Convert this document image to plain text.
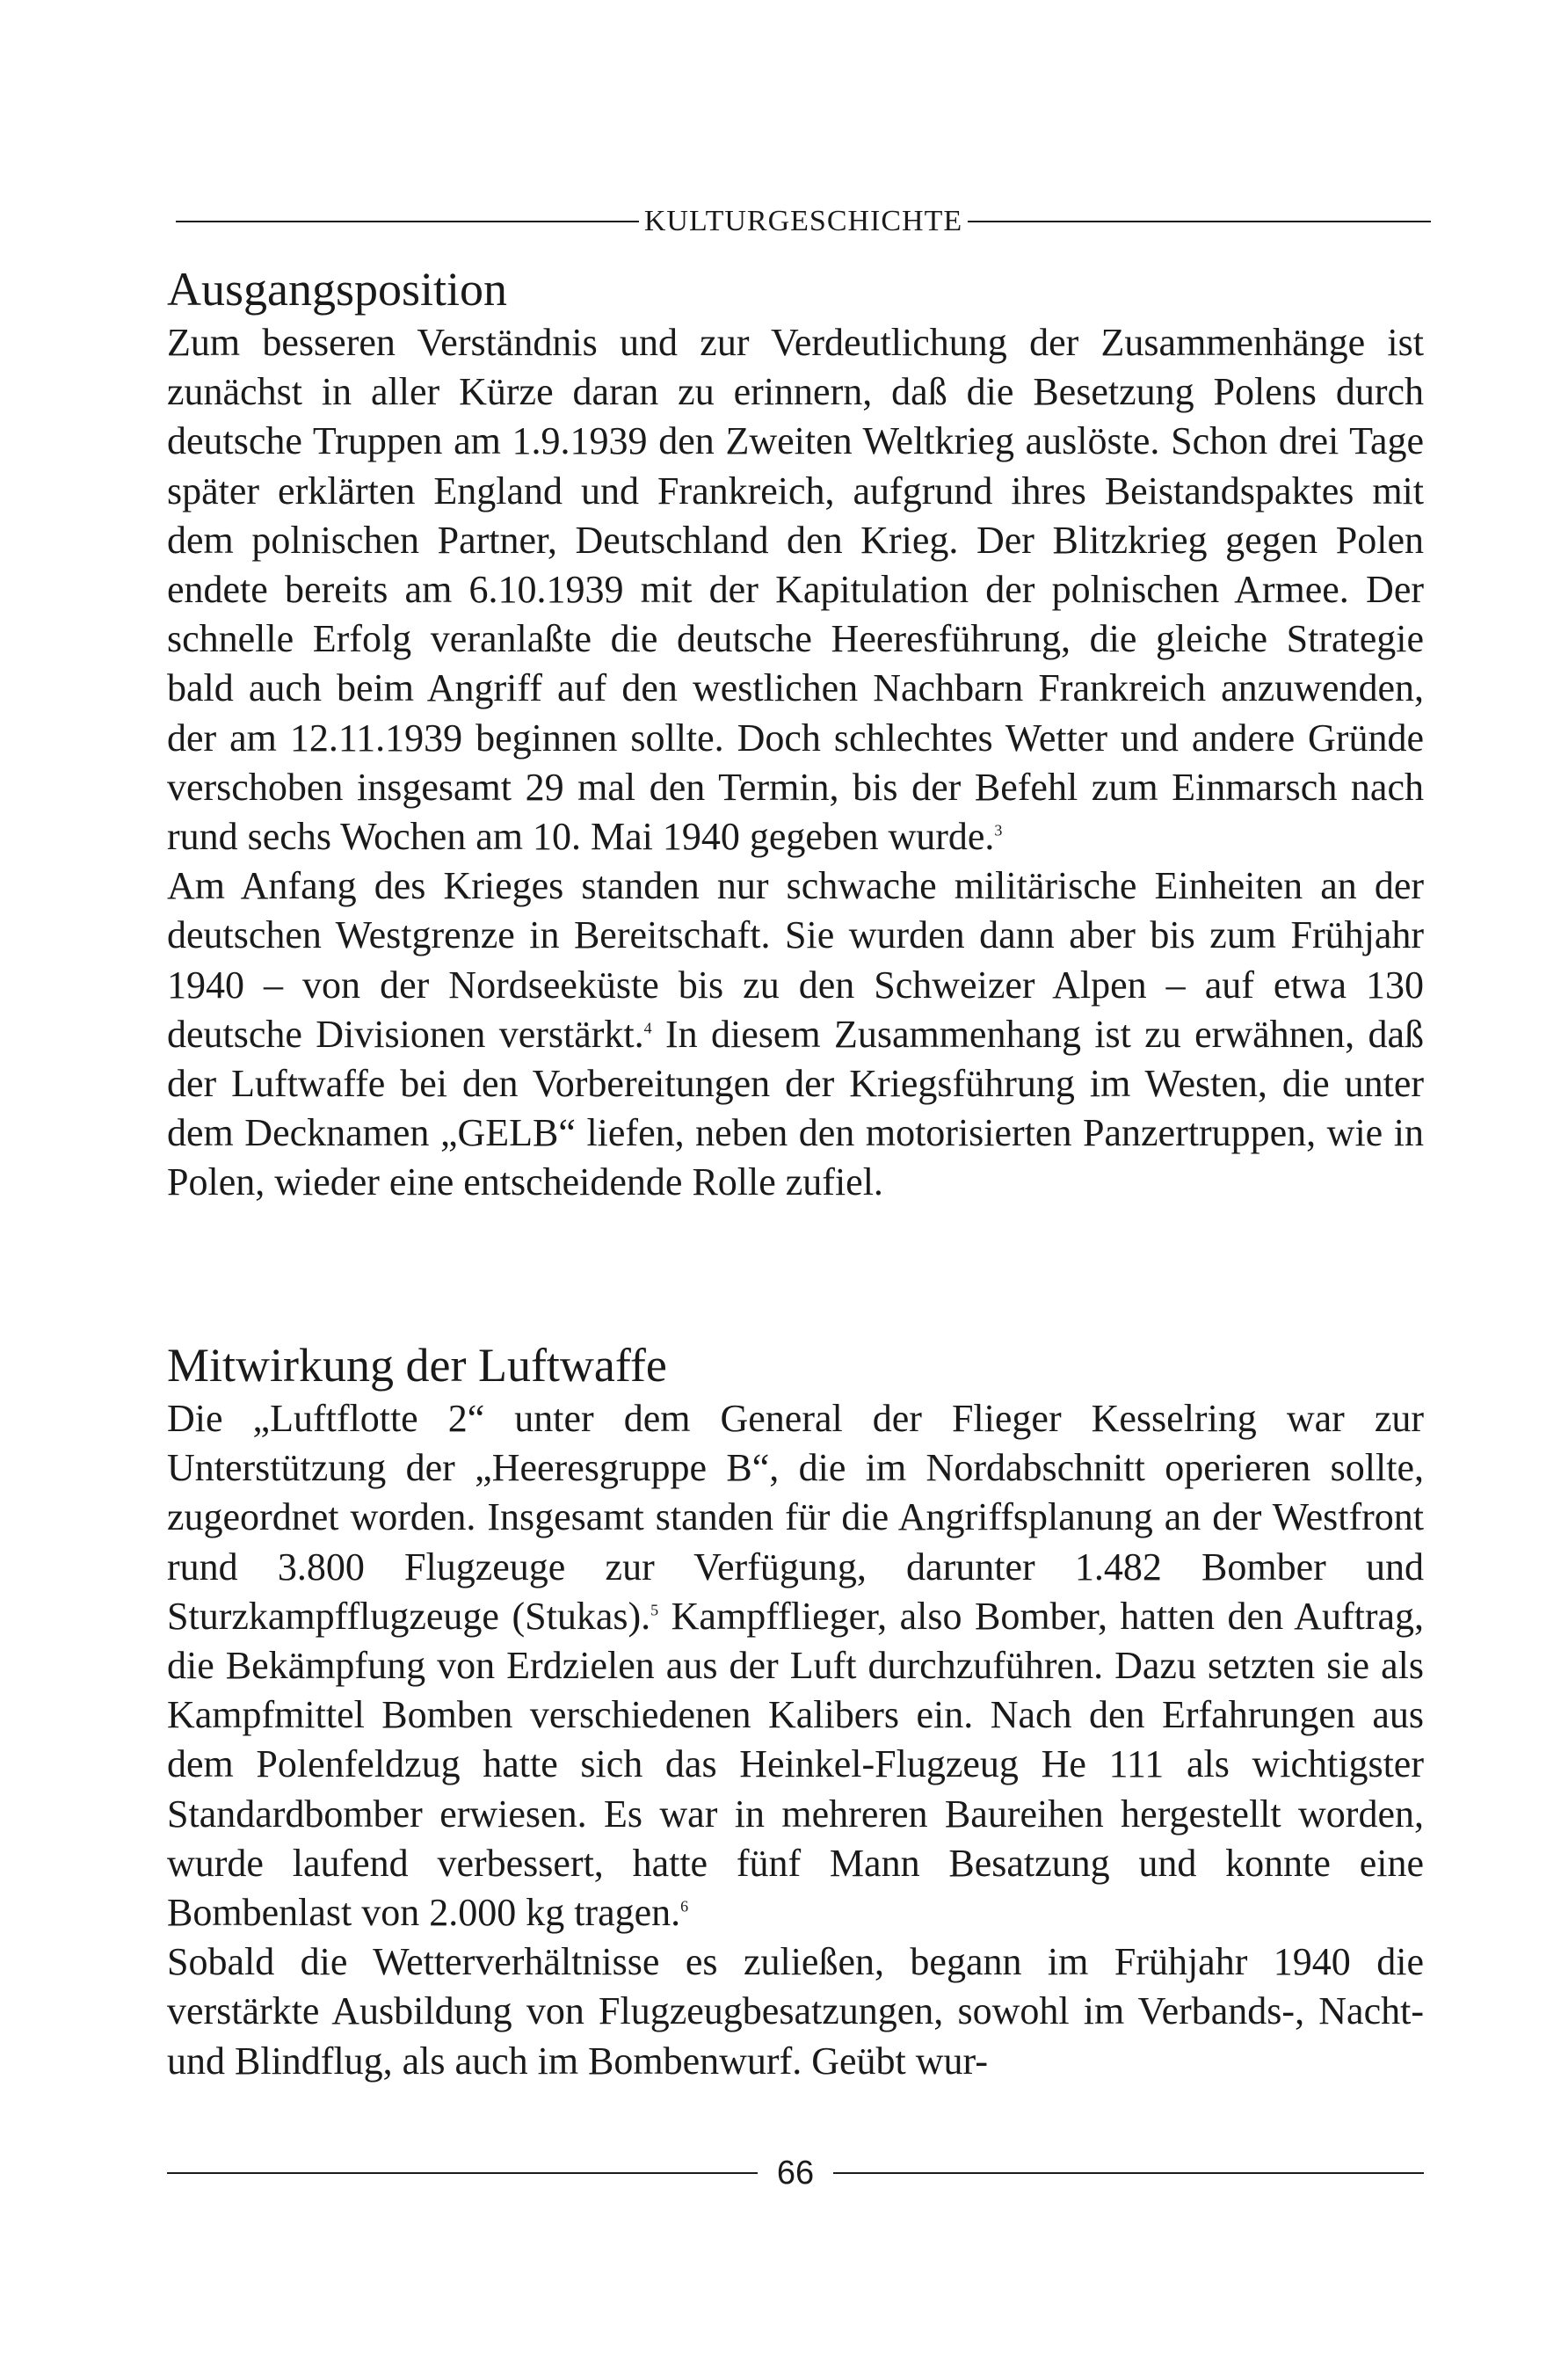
KULTURGESCHICHTE
Ausgangsposition

Zum besseren Verständnis und zur Verdeutlichung der Zusammenhänge ist zunächst in aller Kürze daran zu erinnern, daß die Besetzung Polens durch deutsche Truppen am 1.9.1939 den Zweiten Weltkrieg auslöste. Schon drei Tage später erklärten England und Frankreich, aufgrund ihres Beistandspaktes mit dem polnischen Partner, Deutschland den Krieg. Der Blitzkrieg gegen Polen endete bereits am 6.10.1939 mit der Kapitulation der polnischen Armee. Der schnelle Erfolg veranlaßte die deutsche Heeresführung, die gleiche Strategie bald auch beim Angriff auf den westlichen Nachbarn Frankreich anzuwenden, der am 12.11.1939 beginnen sollte. Doch schlechtes Wetter und andere Gründe verschoben insgesamt 29 mal den Termin, bis der Befehl zum Einmarsch nach rund sechs Wochen am 10. Mai 1940 gegeben wurde.$^3$

Am Anfang des Krieges standen nur schwache militärische Einheiten an der deutschen Westgrenze in Bereitschaft. Sie wurden dann aber bis zum Frühjahr 1940 – von der Nordseeküste bis zu den Schweizer Alpen – auf etwa 130 deutsche Divisionen verstärkt.$^4$ In diesem Zusammenhang ist zu erwähnen, daß der Luftwaffe bei den Vorbereitungen der Kriegsführung im Westen, die unter dem Decknamen „GELB“ liefen, neben den motorisierten Panzertruppen, wie in Polen, wieder eine entscheidende Rolle zufiel.

Mitwirkung der Luftwaffe

Die „Luftflotte 2“ unter dem General der Flieger Kesselring war zur Unterstützung der „Heeresgruppe B“, die im Nordabschnitt operieren sollte, zugeordnet worden. Insgesamt standen für die Angriffsplanung an der Westfront rund 3.800 Flugzeuge zur Verfügung, darunter 1.482 Bomber und Sturzkampfflugzeuge (Stukas).$^5$ Kampfflieger, also Bomber, hatten den Auftrag, die Bekämpfung von Erdzielen aus der Luft durchzuführen. Dazu setzten sie als Kampfmittel Bomben verschiedenen Kalibers ein. Nach den Erfahrungen aus dem Polenfeldzug hatte sich das Heinkel-Flugzeug He 111 als wichtigster Standardbomber erwiesen. Es war in mehreren Baureihen hergestellt worden, wurde laufend verbessert, hatte fünf Mann Besatzung und konnte eine Bombenlast von 2.000 kg tragen.$^6$

Sobald die Wetterverhältnisse es zuließen, begann im Frühjahr 1940 die verstärkte Ausbildung von Flugzeugbesatzungen, sowohl im Verbands-, Nacht- und Blindflug, als auch im Bombenwurf. Geübt wur-

66
